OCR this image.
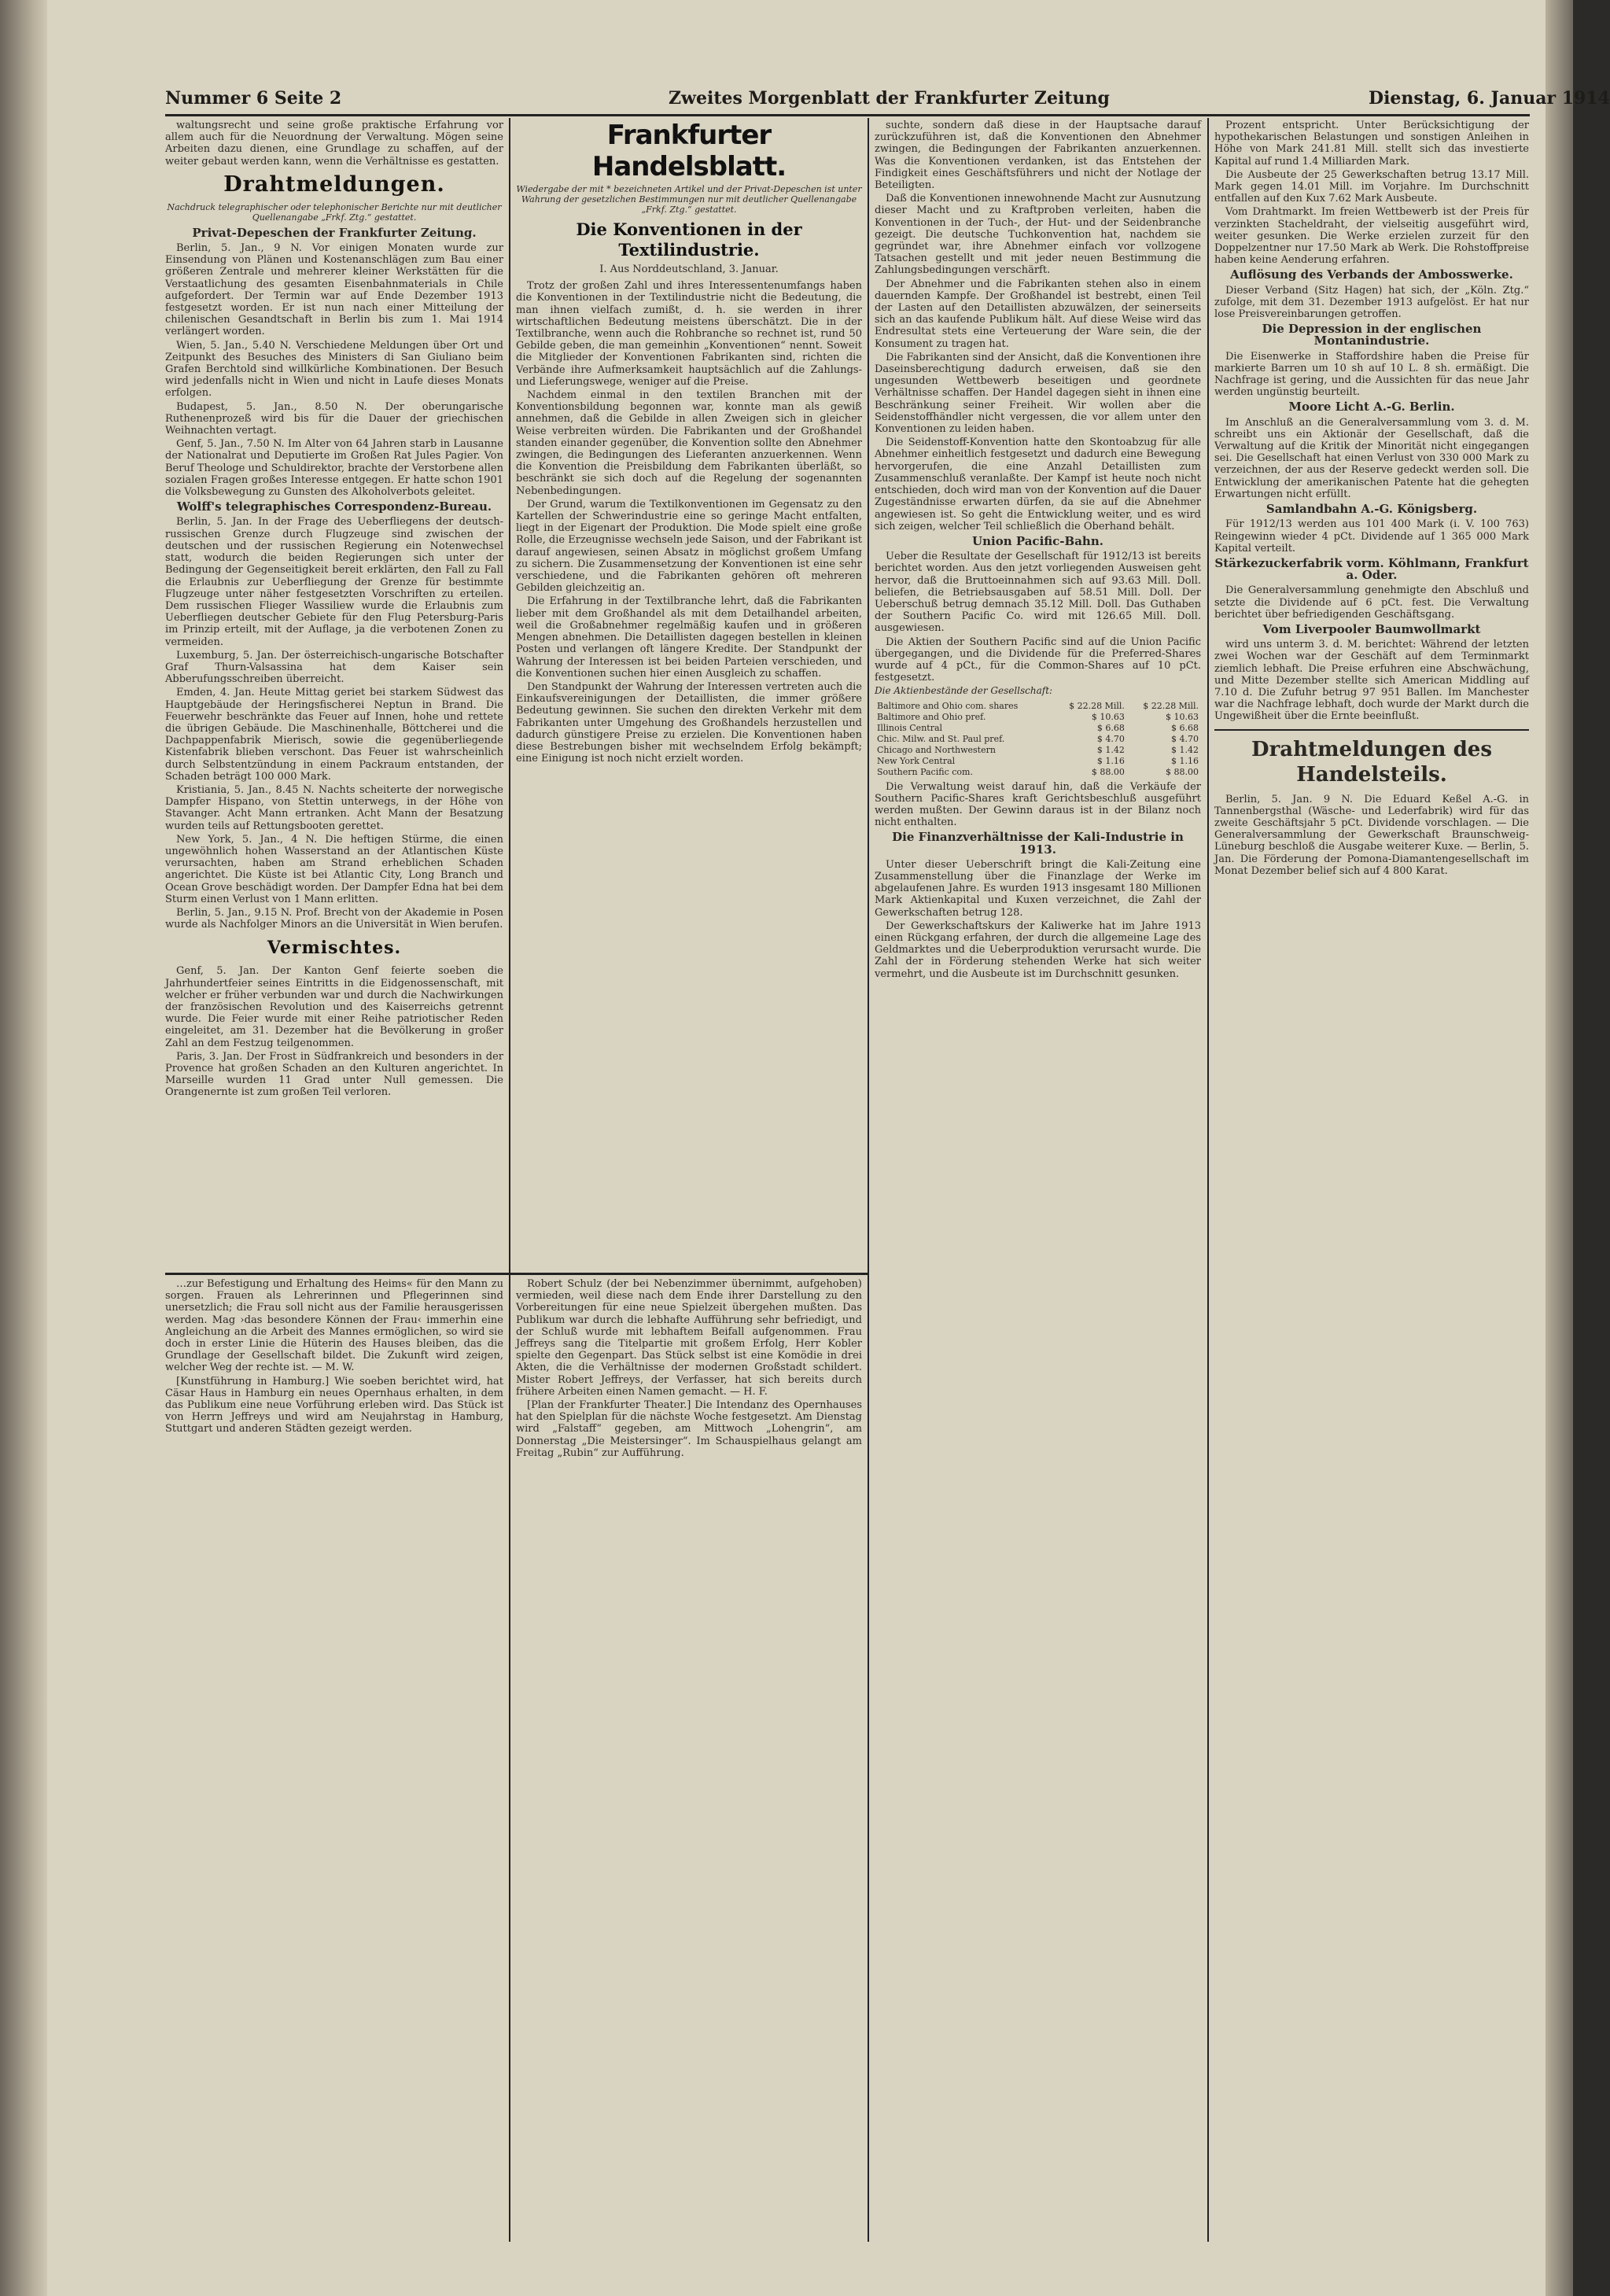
Nummer 6 Seite 2	Zweites Morgenblatt der Frankfurter Zeitung	Dienstag, 6. Januar 1914

waltungsrecht und seine große praktische Erfahrung vor allem auch für die Neuordnung der Verwaltung. Mögen seine Arbeiten dazu dienen, eine Grundlage zu schaffen, auf der weiter gebaut werden kann, wenn die Verhältnisse es gestatten.

Drahtmeldungen.
Nachdruck telegraphischer oder telephonischer Berichte nur mit deutlicher Quellenangabe „Frkf. Ztg.“ gestattet.
Privat-Depeschen der Frankfurter Zeitung.

Berlin, 5. Jan., 9 N. Vor einigen Monaten wurde zur Einsendung von Plänen und Kostenanschlägen zum Bau einer größeren Zentrale und mehrerer kleiner Werkstätten für die Verstaatlichung des gesamten Eisenbahnmaterials in Chile aufgefordert. Der Termin war auf Ende Dezember 1913 festgesetzt worden. Er ist nun nach einer Mitteilung der chilenischen Gesandtschaft in Berlin bis zum 1. Mai 1914 verlängert worden.

Wien, 5. Jan., 5.40 N. Verschiedene Meldungen über Ort und Zeitpunkt des Besuches des Ministers di San Giuliano beim Grafen Berchtold sind willkürliche Kombinationen. Der Besuch wird jedenfalls nicht in Wien und nicht in Laufe dieses Monats erfolgen.

Budapest, 5. Jan., 8.50 N. Der oberungarische Ruthenenprozeß wird bis für die Dauer der griechischen Weihnachten vertagt.

Genf, 5. Jan., 7.50 N. Im Alter von 64 Jahren starb in Lausanne der Nationalrat und Deputierte im Großen Rat Jules Pagier. Von Beruf Theologe und Schuldirektor, brachte der Verstorbene allen sozialen Fragen großes Interesse entgegen. Er hatte schon 1901 die Volksbewegung zu Gunsten des Alkoholverbots geleitet.

Wolff's telegraphisches Correspondenz-Bureau.

Berlin, 5. Jan. In der Frage des Ueberfliegens der deutsch-russischen Grenze durch Flugzeuge sind zwischen der deutschen und der russischen Regierung ein Notenwechsel statt, wodurch die beiden Regierungen sich unter der Bedingung der Gegenseitigkeit bereit erklärten, den Fall zu Fall die Erlaubnis zur Ueberfliegung der Grenze für bestimmte Flugzeuge unter näher festgesetzten Vorschriften zu erteilen. Dem russischen Flieger Wassiliew wurde die Erlaubnis zum Ueberfliegen deutscher Gebiete für den Flug Petersburg-Paris im Prinzip erteilt, mit der Auflage, ja die verbotenen Zonen zu vermeiden.

Luxemburg, 5. Jan. Der österreichisch-ungarische Botschafter Graf Thurn-Valsassina hat dem Kaiser sein Abberufungsschreiben überreicht.

Emden, 4. Jan. Heute Mittag geriet bei starkem Südwest das Hauptgebäude der Heringsfischerei Neptun in Brand. Die Feuerwehr beschränkte das Feuer auf Innen, hohe und rettete die übrigen Gebäude. Die Maschinenhalle, Böttcherei und die Dachpappenfabrik Mierisch, sowie die gegenüberliegende Kistenfabrik blieben verschont. Das Feuer ist wahrscheinlich durch Selbstentzündung in einem Packraum entstanden, der Schaden beträgt 100 000 Mark.

Kristiania, 5. Jan., 8.45 N. Nachts scheiterte der norwegische Dampfer Hispano, von Stettin unterwegs, in der Höhe von Stavanger. Acht Mann ertranken. Acht Mann der Besatzung wurden teils auf Rettungsbooten gerettet.

New York, 5. Jan., 4 N. Die heftigen Stürme, die einen ungewöhnlich hohen Wasserstand an der Atlantischen Küste verursachten, haben am Strand erheblichen Schaden angerichtet. Die Küste ist bei Atlantic City, Long Branch und Ocean Grove beschädigt worden. Der Dampfer Edna hat bei dem Sturm einen Verlust von 1 Mann erlitten.

Berlin, 5. Jan., 9.15 N. Prof. Brecht von der Akademie in Posen wurde als Nachfolger Minors an die Universität in Wien berufen.

Vermischtes.

Genf, 5. Jan. Der Kanton Genf feierte soeben die Jahrhundertfeier seines Eintritts in die Eidgenossenschaft, mit welcher er früher verbunden war und durch die Nachwirkungen der französischen Revolution und des Kaiserreichs getrennt wurde. Die Feier wurde mit einer Reihe patriotischer Reden eingeleitet, am 31. Dezember hat die Bevölkerung in großer Zahl an dem Festzug teilgenommen.

Paris, 3. Jan. Der Frost in Südfrankreich und besonders in der Provence hat großen Schaden an den Kulturen angerichtet. In Marseille wurden 11 Grad unter Null gemessen. Die Orangenernte ist zum großen Teil verloren.

…zur Befestigung und Erhaltung des Heims« für den Mann zu sorgen. Frauen als Lehrerinnen und Pflegerinnen sind unersetzlich; die Frau soll nicht aus der Familie herausgerissen werden. Mag ›das besondere Können der Frau‹ immerhin eine Angleichung an die Arbeit des Mannes ermöglichen, so wird sie doch in erster Linie die Hüterin des Hauses bleiben, das die Grundlage der Gesellschaft bildet. Die Zukunft wird zeigen, welcher Weg der rechte ist. — M. W.

[Kunstführung in Hamburg.] Wie soeben berichtet wird, hat Cäsar Haus in Hamburg ein neues Opernhaus erhalten, in dem das Publikum eine neue Vorführung erleben wird. Das Stück ist von Herrn Jeffreys und wird am Neujahrstag in Hamburg, Stuttgart und anderen Städten gezeigt werden.

Frankfurter Handelsblatt.
Wiedergabe der mit * bezeichneten Artikel und der Privat-Depeschen ist unter Wahrung der gesetzlichen Bestimmungen nur mit deutlicher Quellenangabe „Frkf. Ztg.“ gestattet.
Die Konventionen in der Textilindustrie.
I. Aus Norddeutschland, 3. Januar.

Trotz der großen Zahl und ihres Interessentenumfangs haben die Konventionen in der Textilindustrie nicht die Bedeutung, die man ihnen vielfach zumißt, d. h. sie werden in ihrer wirtschaftlichen Bedeutung meistens überschätzt. Die in der Textilbranche, wenn auch die Rohbranche so rechnet ist, rund 50 Gebilde geben, die man gemeinhin „Konventionen“ nennt. Soweit die Mitglieder der Konventionen Fabrikanten sind, richten die Verbände ihre Aufmerksamkeit hauptsächlich auf die Zahlungs- und Lieferungswege, weniger auf die Preise.

Nachdem einmal in den textilen Branchen mit der Konventionsbildung begonnen war, konnte man als gewiß annehmen, daß die Gebilde in allen Zweigen sich in gleicher Weise verbreiten würden. Die Fabrikanten und der Großhandel standen einander gegenüber, die Konvention sollte den Abnehmer zwingen, die Bedingungen des Lieferanten anzuerkennen. Wenn die Konvention die Preisbildung dem Fabrikanten überläßt, so beschränkt sie sich doch auf die Regelung der sogenannten Nebenbedingungen.

Der Grund, warum die Textilkonventionen im Gegensatz zu den Kartellen der Schwerindustrie eine so geringe Macht entfalten, liegt in der Eigenart der Produktion. Die Mode spielt eine große Rolle, die Erzeugnisse wechseln jede Saison, und der Fabrikant ist darauf angewiesen, seinen Absatz in möglichst großem Umfang zu sichern. Die Zusammensetzung der Konventionen ist eine sehr verschiedene, und die Fabrikanten gehören oft mehreren Gebilden gleichzeitig an.

Die Erfahrung in der Textilbranche lehrt, daß die Fabrikanten lieber mit dem Großhandel als mit dem Detailhandel arbeiten, weil die Großabnehmer regelmäßig kaufen und in größeren Mengen abnehmen. Die Detaillisten dagegen bestellen in kleinen Posten und verlangen oft längere Kredite. Der Standpunkt der Wahrung der Interessen ist bei beiden Parteien verschieden, und die Konventionen suchen hier einen Ausgleich zu schaffen.

Den Standpunkt der Wahrung der Interessen vertreten auch die Einkaufsvereinigungen der Detaillisten, die immer größere Bedeutung gewinnen. Sie suchen den direkten Verkehr mit dem Fabrikanten unter Umgehung des Großhandels herzustellen und dadurch günstigere Preise zu erzielen. Die Konventionen haben diese Bestrebungen bisher mit wechselndem Erfolg bekämpft; eine Einigung ist noch nicht erzielt worden.

Robert Schulz (der bei Nebenzimmer übernimmt, aufgehoben) vermieden, weil diese nach dem Ende ihrer Darstellung zu den Vorbereitungen für eine neue Spielzeit übergehen mußten. Das Publikum war durch die lebhafte Aufführung sehr befriedigt, und der Schluß wurde mit lebhaftem Beifall aufgenommen. Frau Jeffreys sang die Titelpartie mit großem Erfolg, Herr Kobler spielte den Gegenpart. Das Stück selbst ist eine Komödie in drei Akten, die die Verhältnisse der modernen Großstadt schildert. Mister Robert Jeffreys, der Verfasser, hat sich bereits durch frühere Arbeiten einen Namen gemacht. — H. F.

[Plan der Frankfurter Theater.] Die Intendanz des Opernhauses hat den Spielplan für die nächste Woche festgesetzt. Am Dienstag wird „Falstaff“ gegeben, am Mittwoch „Lohengrin“, am Donnerstag „Die Meistersinger“. Im Schauspielhaus gelangt am Freitag „Rubin“ zur Aufführung.

suchte, sondern daß diese in der Hauptsache darauf zurückzuführen ist, daß die Konventionen den Abnehmer zwingen, die Bedingungen der Fabrikanten anzuerkennen. Was die Konventionen verdanken, ist das Entstehen der Findigkeit eines Geschäftsführers und nicht der Notlage der Beteiligten.

Daß die Konventionen innewohnende Macht zur Ausnutzung dieser Macht und zu Kraftproben verleiten, haben die Konventionen in der Tuch-, der Hut- und der Seidenbranche gezeigt. Die deutsche Tuchkonvention hat, nachdem sie gegründet war, ihre Abnehmer einfach vor vollzogene Tatsachen gestellt und mit jeder neuen Bestimmung die Zahlungsbedingungen verschärft.

Der Abnehmer und die Fabrikanten stehen also in einem dauernden Kampfe. Der Großhandel ist bestrebt, einen Teil der Lasten auf den Detaillisten abzuwälzen, der seinerseits sich an das kaufende Publikum hält. Auf diese Weise wird das Endresultat stets eine Verteuerung der Ware sein, die der Konsument zu tragen hat.

Die Fabrikanten sind der Ansicht, daß die Konventionen ihre Daseinsberechtigung dadurch erweisen, daß sie den ungesunden Wettbewerb beseitigen und geordnete Verhältnisse schaffen. Der Handel dagegen sieht in ihnen eine Beschränkung seiner Freiheit. Wir wollen aber die Seidenstoffhändler nicht vergessen, die vor allem unter den Konventionen zu leiden haben.

Die Seidenstoff-Konvention hatte den Skontoabzug für alle Abnehmer einheitlich festgesetzt und dadurch eine Bewegung hervorgerufen, die eine Anzahl Detaillisten zum Zusammenschluß veranlaßte. Der Kampf ist heute noch nicht entschieden, doch wird man von der Konvention auf die Dauer Zugeständnisse erwarten dürfen, da sie auf die Abnehmer angewiesen ist. So geht die Entwicklung weiter, und es wird sich zeigen, welcher Teil schließlich die Oberhand behält.

Union Pacific-Bahn.

Ueber die Resultate der Gesellschaft für 1912/13 ist bereits berichtet worden. Aus den jetzt vorliegenden Ausweisen geht hervor, daß die Bruttoeinnahmen sich auf 93.63 Mill. Doll. beliefen, die Betriebsausgaben auf 58.51 Mill. Doll. Der Ueberschuß betrug demnach 35.12 Mill. Doll. Das Guthaben der Southern Pacific Co. wird mit 126.65 Mill. Doll. ausgewiesen.

Die Aktien der Southern Pacific sind auf die Union Pacific übergegangen, und die Dividende für die Preferred-Shares wurde auf 4 pCt., für die Common-Shares auf 10 pCt. festgesetzt.

Die Aktienbestände der Gesellschaft:
Baltimore and Ohio com. shares	$ 22.28 Mill.	$ 22.28 Mill.
Baltimore and Ohio pref.	$ 10.63	$ 10.63
Illinois Central	$ 6.68	$ 6.68
Chic. Milw. and St. Paul pref.	$ 4.70	$ 4.70
Chicago and Northwestern	$ 1.42	$ 1.42
New York Central	$ 1.16	$ 1.16
Southern Pacific com.	$ 88.00	$ 88.00

Die Verwaltung weist darauf hin, daß die Verkäufe der Southern Pacific-Shares kraft Gerichtsbeschluß ausgeführt werden mußten. Der Gewinn daraus ist in der Bilanz noch nicht enthalten.

Die Finanzverhältnisse der Kali-Industrie in 1913.

Unter dieser Ueberschrift bringt die Kali-Zeitung eine Zusammenstellung über die Finanzlage der Werke im abgelaufenen Jahre. Es wurden 1913 insgesamt 180 Millionen Mark Aktienkapital und Kuxen verzeichnet, die Zahl der Gewerkschaften betrug 128.

Der Gewerkschaftskurs der Kaliwerke hat im Jahre 1913 einen Rückgang erfahren, der durch die allgemeine Lage des Geldmarktes und die Ueberproduktion verursacht wurde. Die Zahl der in Förderung stehenden Werke hat sich weiter vermehrt, und die Ausbeute ist im Durchschnitt gesunken.

Prozent entspricht. Unter Berücksichtigung der hypothekarischen Belastungen und sonstigen Anleihen in Höhe von Mark 241.81 Mill. stellt sich das investierte Kapital auf rund 1.4 Milliarden Mark.

Die Ausbeute der 25 Gewerkschaften betrug 13.17 Mill. Mark gegen 14.01 Mill. im Vorjahre. Im Durchschnitt entfallen auf den Kux 7.62 Mark Ausbeute.

Vom Drahtmarkt. Im freien Wettbewerb ist der Preis für verzinkten Stacheldraht, der vielseitig ausgeführt wird, weiter gesunken. Die Werke erzielen zurzeit für den Doppelzentner nur 17.50 Mark ab Werk. Die Rohstoffpreise haben keine Aenderung erfahren.

Auflösung des Verbands der Ambosswerke.

Dieser Verband (Sitz Hagen) hat sich, der „Köln. Ztg.“ zufolge, mit dem 31. Dezember 1913 aufgelöst. Er hat nur lose Preisvereinbarungen getroffen.

Die Depression in der englischen Montanindustrie.

Die Eisenwerke in Staffordshire haben die Preise für markierte Barren um 10 sh auf 10 L. 8 sh. ermäßigt. Die Nachfrage ist gering, und die Aussichten für das neue Jahr werden ungünstig beurteilt.

Moore Licht A.-G. Berlin.

Im Anschluß an die Generalversammlung vom 3. d. M. schreibt uns ein Aktionär der Gesellschaft, daß die Verwaltung auf die Kritik der Minorität nicht eingegangen sei. Die Gesellschaft hat einen Verlust von 330 000 Mark zu verzeichnen, der aus der Reserve gedeckt werden soll. Die Entwicklung der amerikanischen Patente hat die gehegten Erwartungen nicht erfüllt.

Samlandbahn A.-G. Königsberg.

Für 1912/13 werden aus 101 400 Mark (i. V. 100 763) Reingewinn wieder 4 pCt. Dividende auf 1 365 000 Mark Kapital verteilt.

Stärkezuckerfabrik vorm. Köhlmann, Frankfurt a. Oder.

Die Generalversammlung genehmigte den Abschluß und setzte die Dividende auf 6 pCt. fest. Die Verwaltung berichtet über befriedigenden Geschäftsgang.

Vom Liverpooler Baumwollmarkt

wird uns unterm 3. d. M. berichtet: Während der letzten zwei Wochen war der Geschäft auf dem Terminmarkt ziemlich lebhaft. Die Preise erfuhren eine Abschwächung, und Mitte Dezember stellte sich American Middling auf 7.10 d. Die Zufuhr betrug 97 951 Ballen. Im Manchester war die Nachfrage lebhaft, doch wurde der Markt durch die Ungewißheit über die Ernte beeinflußt.

Drahtmeldungen des Handelsteils.

Berlin, 5. Jan. 9 N. Die Eduard Keßel A.-G. in Tannenbergsthal (Wäsche- und Lederfabrik) wird für das zweite Geschäftsjahr 5 pCt. Dividende vorschlagen. — Die Generalversammlung der Gewerkschaft Braunschweig-Lüneburg beschloß die Ausgabe weiterer Kuxe. — Berlin, 5. Jan. Die Förderung der Pomona-Diamantengesellschaft im Monat Dezember belief sich auf 4 800 Karat.
